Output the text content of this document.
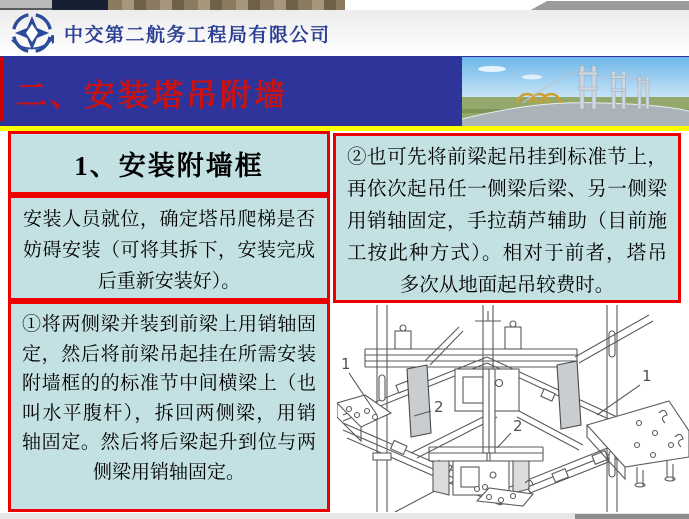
中交第二航务工程局有限公司
二、安装塔吊附墙
1、安装附墙框
安装人员就位，确定塔吊爬梯是否妨碍安装（可将其拆下，安装完成后重新安装好）。
①将两侧梁并装到前梁上用销轴固定，然后将前梁吊起挂在所需安装附墙框的的标准节中间横梁上（也叫水平腹杆），拆回两侧梁，用销轴固定。然后将后梁起升到位与两侧梁用销轴固定。
②也可先将前梁起吊挂到标准节上，再依次起吊任一侧梁后梁、另一侧梁用销轴固定，手拉葫芦辅助（目前施工按此种方式）。相对于前者，塔吊多次从地面起吊较费时。
1
2
2
1
